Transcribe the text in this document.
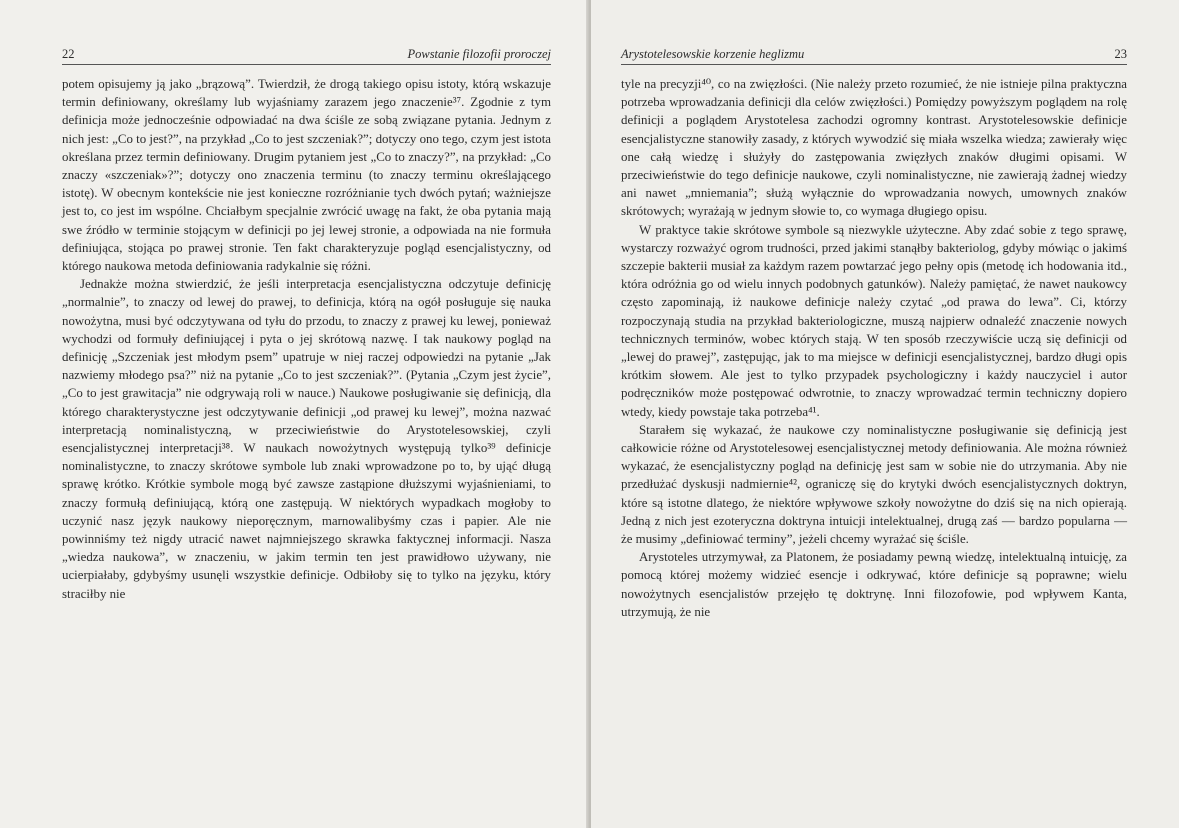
22	Powstanie filozofii proroczej

potem opisujemy ją jako „brązową”. Twierdził, że drogą takiego opisu istoty, którą wskazuje termin definiowany, określamy lub wyjaśniamy zarazem jego znaczenie³⁷. Zgodnie z tym definicja może jednocześnie odpowiadać na dwa ściśle ze sobą związane pytania. Jednym z nich jest: „Co to jest?”, na przykład „Co to jest szczeniak?”; dotyczy ono tego, czym jest istota określana przez termin definiowany. Drugim pytaniem jest „Co to znaczy?”, na przykład: „Co znaczy «szczeniak»?”; dotyczy ono znaczenia terminu (to znaczy terminu określającego istotę). W obecnym kontekście nie jest konieczne rozróżnianie tych dwóch pytań; ważniejsze jest to, co jest im wspólne. Chciałbym specjalnie zwrócić uwagę na fakt, że oba pytania mają swe źródło w terminie stojącym w definicji po jej lewej stronie, a odpowiada na nie formuła definiująca, stojąca po prawej stronie. Ten fakt charakteryzuje pogląd esencjalistyczny, od którego naukowa metoda definiowania radykalnie się różni.

Jednakże można stwierdzić, że jeśli interpretacja esencjalistyczna odczytuje definicję „normalnie”, to znaczy od lewej do prawej, to definicja, którą na ogół posługuje się nauka nowożytna, musi być odczytywana od tyłu do przodu, to znaczy z prawej ku lewej, ponieważ wychodzi od formuły definiującej i pyta o jej skrótową nazwę. I tak naukowy pogląd na definicję „Szczeniak jest młodym psem” upatruje w niej raczej odpowiedzi na pytanie „Jak nazwiemy młodego psa?” niż na pytanie „Co to jest szczeniak?”. (Pytania „Czym jest życie”, „Co to jest grawitacja” nie odgrywają roli w nauce.) Naukowe posługiwanie się definicją, dla którego charakterystyczne jest odczytywanie definicji „od prawej ku lewej”, można nazwać interpretacją nominalistyczną, w przeciwieństwie do Arystotelesowskiej, czyli esencjalistycznej interpretacji³⁸. W naukach nowożytnych występują tylko³⁹ definicje nominalistyczne, to znaczy skrótowe symbole lub znaki wprowadzone po to, by ująć długą sprawę krótko. Krótkie symbole mogą być zawsze zastąpione dłuższymi wyjaśnieniami, to znaczy formułą definiującą, którą one zastępują. W niektórych wypadkach mogłoby to uczynić nasz język naukowy nieporęcznym, marnowalibyśmy czas i papier. Ale nie powinniśmy też nigdy utracić nawet najmniejszego skrawka faktycznej informacji. Nasza „wiedza naukowa”, w znaczeniu, w jakim termin ten jest prawidłowo używany, nie ucierpiałaby, gdybyśmy usunęli wszystkie definicje. Odbiłoby się to tylko na języku, który straciłby nie

Arystotelesowskie korzenie heglizmu	23

tyle na precyzji⁴⁰, co na zwięzłości. (Nie należy przeto rozumieć, że nie istnieje pilna praktyczna potrzeba wprowadzania definicji dla celów zwięzłości.) Pomiędzy powyższym poglądem na rolę definicji a poglądem Arystotelesa zachodzi ogromny kontrast. Arystotelesowskie definicje esencjalistyczne stanowiły zasady, z których wywodzić się miała wszelka wiedza; zawierały więc one całą wiedzę i służyły do zastępowania zwięzłych znaków długimi opisami. W przeciwieństwie do tego definicje naukowe, czyli nominalistyczne, nie zawierają żadnej wiedzy ani nawet „mniemania”; służą wyłącznie do wprowadzania nowych, umownych znaków skrótowych; wyrażają w jednym słowie to, co wymaga długiego opisu.

W praktyce takie skrótowe symbole są niezwykle użyteczne. Aby zdać sobie z tego sprawę, wystarczy rozważyć ogrom trudności, przed jakimi stanąłby bakteriolog, gdyby mówiąc o jakimś szczepie bakterii musiał za każdym razem powtarzać jego pełny opis (metodę ich hodowania itd., która odróżnia go od wielu innych podobnych gatunków). Należy pamiętać, że nawet naukowcy często zapominają, iż naukowe definicje należy czytać „od prawa do lewa”. Ci, którzy rozpoczynają studia na przykład bakteriologiczne, muszą najpierw odnaleźć znaczenie nowych technicznych terminów, wobec których stają. W ten sposób rzeczywiście uczą się definicji od „lewej do prawej”, zastępując, jak to ma miejsce w definicji esencjalistycznej, bardzo długi opis krótkim słowem. Ale jest to tylko przypadek psychologiczny i każdy nauczyciel i autor podręczników może postępować odwrotnie, to znaczy wprowadzać termin techniczny dopiero wtedy, kiedy powstaje taka potrzeba⁴¹.

Starałem się wykazać, że naukowe czy nominalistyczne posługiwanie się definicją jest całkowicie różne od Arystotelesowej esencjalistycznej metody definiowania. Ale można również wykazać, że esencjalistyczny pogląd na definicję jest sam w sobie nie do utrzymania. Aby nie przedłużać dyskusji nadmiernie⁴², ograniczę się do krytyki dwóch esencjalistycznych doktryn, które są istotne dlatego, że niektóre wpływowe szkoły nowożytne do dziś się na nich opierają. Jedną z nich jest ezoteryczna doktryna intuicji intelektualnej, drugą zaś — bardzo popularna — że musimy „definiować terminy”, jeżeli chcemy wyrażać się ściśle.

Arystoteles utrzymywał, za Platonem, że posiadamy pewną wiedzę, intelektualną intuicję, za pomocą której możemy widzieć esencje i odkrywać, które definicje są poprawne; wielu nowożytnych esencjalistów przejęło tę doktrynę. Inni filozofowie, pod wpływem Kanta, utrzymują, że nie
